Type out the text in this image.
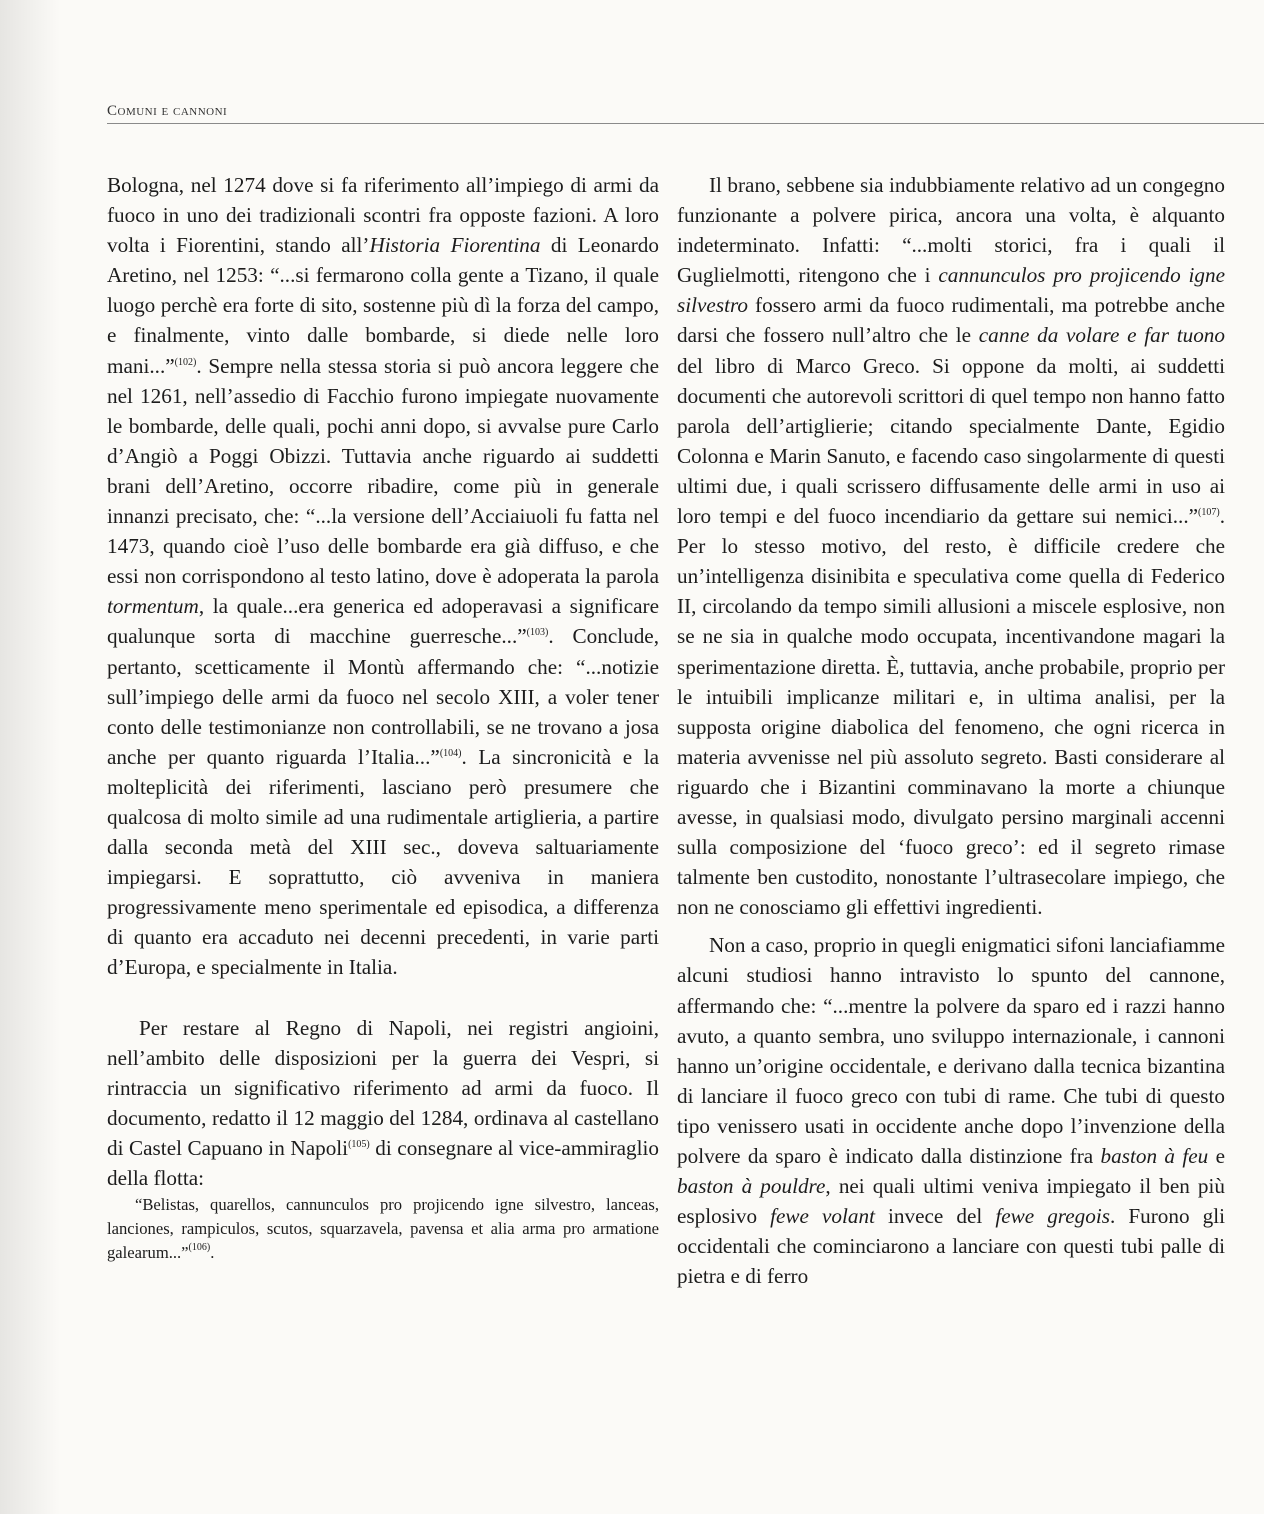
Comuni e cannoni

Bologna, nel 1274 dove si fa riferimento all’impiego di armi da fuoco in uno dei tradizionali scontri fra opposte fazioni. A loro volta i Fiorentini, stando all’Historia Fiorentina di Leonardo Aretino, nel 1253: “...si fermarono colla gente a Tizano, il quale luogo perchè era forte di sito, sostenne più dì la forza del campo, e finalmente, vinto dalle bombarde, si diede nelle loro mani...”$^{(102)}$. Sempre nella stessa storia si può ancora leggere che nel 1261, nell’assedio di Facchio furono impiegate nuovamente le bombarde, delle quali, pochi anni dopo, si avvalse pure Carlo d’Angiò a Poggi Obizzi. Tuttavia anche riguardo ai suddetti brani dell’Aretino, occorre ribadire, come più in generale innanzi precisato, che: “...la versione dell’Acciaiuoli fu fatta nel 1473, quando cioè l’uso delle bombarde era già diffuso, e che essi non corrispondono al testo latino, dove è adoperata la parola tormentum, la quale...era generica ed adoperavasi a significare qualunque sorta di macchine guerresche...”$^{(103)}$. Conclude, pertanto, scetticamente il Montù affermando che: “...notizie sull’impiego delle armi da fuoco nel secolo XIII, a voler tener conto delle testimonianze non controllabili, se ne trovano a josa anche per quanto riguarda l’Italia...”$^{(104)}$. La sincronicità e la molteplicità dei riferimenti, lasciano però presumere che qualcosa di molto simile ad una rudimentale artiglieria, a partire dalla seconda metà del XIII sec., doveva saltuariamente impiegarsi. E soprattutto, ciò avveniva in maniera progressivamente meno sperimentale ed episodica, a differenza di quanto era accaduto nei decenni precedenti, in varie parti d’Europa, e specialmente in Italia.

Per restare al Regno di Napoli, nei registri angioini, nell’ambito delle disposizioni per la guerra dei Vespri, si rintraccia un significativo riferimento ad armi da fuoco. Il documento, redatto il 12 maggio del 1284, ordinava al castellano di Castel Capuano in Napoli$^{(105)}$ di consegnare al vice-ammiraglio della flotta:

“Belistas, quarellos, cannunculos pro projicendo igne silvestro, lanceas, lanciones, rampiculos, scutos, squarzavela, pavensa et alia arma pro armatione galearum...”$^{(106)}$.

Il brano, sebbene sia indubbiamente relativo ad un congegno funzionante a polvere pirica, ancora una volta, è alquanto indeterminato. Infatti: “...molti storici, fra i quali il Guglielmotti, ritengono che i cannunculos pro projicendo igne silvestro fossero armi da fuoco rudimentali, ma potrebbe anche darsi che fossero null’altro che le canne da volare e far tuono del libro di Marco Greco. Si oppone da molti, ai suddetti documenti che autorevoli scrittori di quel tempo non hanno fatto parola dell’artiglierie; citando specialmente Dante, Egidio Colonna e Marin Sanuto, e facendo caso singolarmente di questi ultimi due, i quali scrissero diffusamente delle armi in uso ai loro tempi e del fuoco incendiario da gettare sui nemici...”$^{(107)}$. Per lo stesso motivo, del resto, è difficile credere che un’intelligenza disinibita e speculativa come quella di Federico II, circolando da tempo simili allusioni a miscele esplosive, non se ne sia in qualche modo occupata, incentivandone magari la sperimentazione diretta. È, tuttavia, anche probabile, proprio per le intuibili implicanze militari e, in ultima analisi, per la supposta origine diabolica del fenomeno, che ogni ricerca in materia avvenisse nel più assoluto segreto. Basti considerare al riguardo che i Bizantini comminavano la morte a chiunque avesse, in qualsiasi modo, divulgato persino marginali accenni sulla composizione del ‘fuoco greco’: ed il segreto rimase talmente ben custodito, nonostante l’ultrasecolare impiego, che non ne conosciamo gli effettivi ingredienti.

Non a caso, proprio in quegli enigmatici sifoni lanciafiamme alcuni studiosi hanno intravisto lo spunto del cannone, affermando che: “...mentre la polvere da sparo ed i razzi hanno avuto, a quanto sembra, uno sviluppo internazionale, i cannoni hanno un’origine occidentale, e derivano dalla tecnica bizantina di lanciare il fuoco greco con tubi di rame. Che tubi di questo tipo venissero usati in occidente anche dopo l’invenzione della polvere da sparo è indicato dalla distinzione fra baston à feu e baston à pouldre, nei quali ultimi veniva impiegato il ben più esplosivo fewe volant invece del fewe gregois. Furono gli occidentali che cominciarono a lanciare con questi tubi palle di pietra e di ferro
